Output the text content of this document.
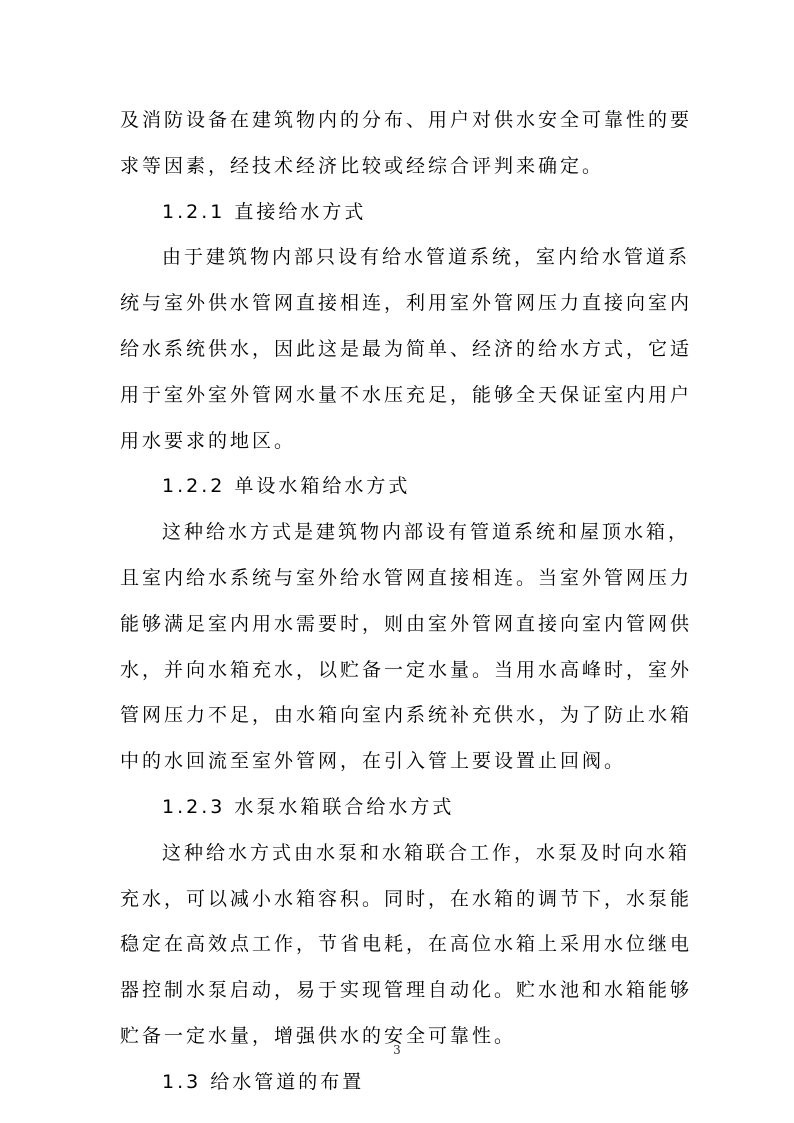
及消防设备在建筑物内的分布、用户对供水安全可靠性的要
求等因素，经技术经济比较或经综合评判来确定。
1.2.1 直接给水方式
由于建筑物内部只设有给水管道系统，室内给水管道系
统与室外供水管网直接相连，利用室外管网压力直接向室内
给水系统供水，因此这是最为简单、经济的给水方式，它适
用于室外室外管网水量不水压充足，能够全天保证室内用户
用水要求的地区。
1.2.2 单设水箱给水方式
这种给水方式是建筑物内部设有管道系统和屋顶水箱，
且室内给水系统与室外给水管网直接相连。当室外管网压力
能够满足室内用水需要时，则由室外管网直接向室内管网供
水，并向水箱充水，以贮备一定水量。当用水高峰时，室外
管网压力不足，由水箱向室内系统补充供水，为了防止水箱
中的水回流至室外管网，在引入管上要设置止回阀。
1.2.3 水泵水箱联合给水方式
这种给水方式由水泵和水箱联合工作，水泵及时向水箱
充水，可以减小水箱容积。同时，在水箱的调节下，水泵能
稳定在高效点工作，节省电耗，在高位水箱上采用水位继电
器控制水泵启动，易于实现管理自动化。贮水池和水箱能够
贮备一定水量，增强供水的安全可靠性。
1.3 给水管道的布置
3
